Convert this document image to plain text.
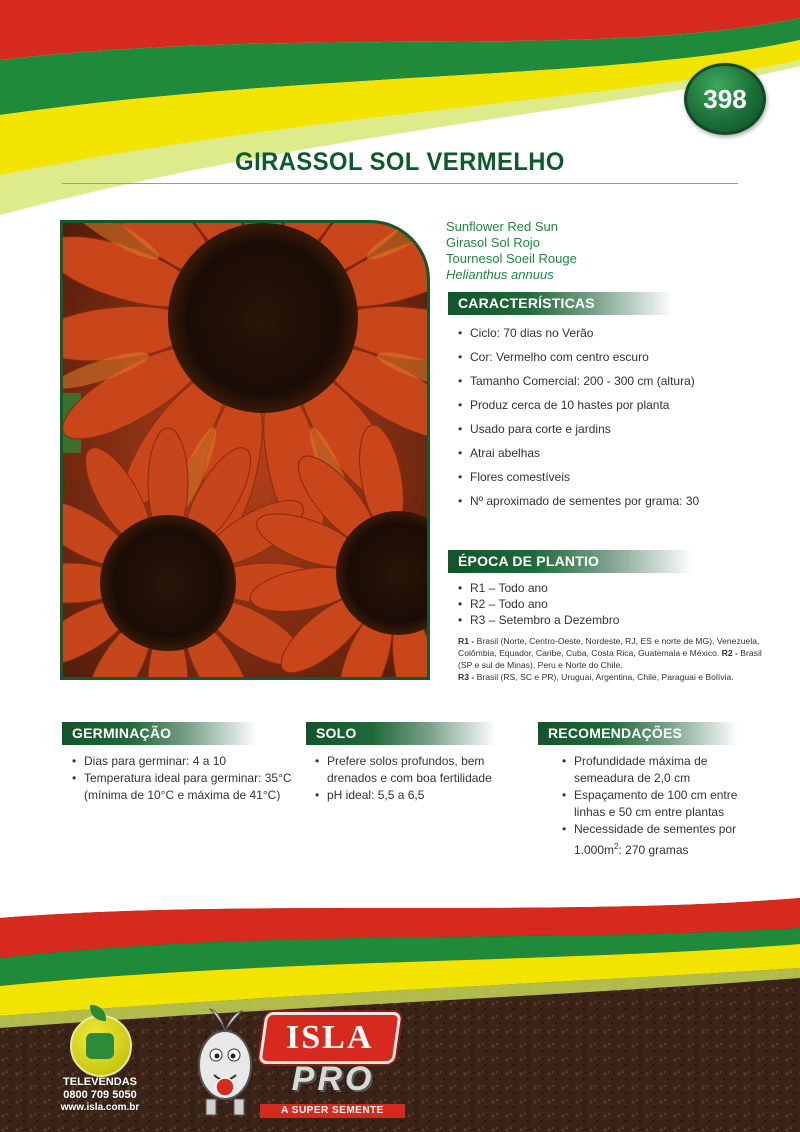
398
GIRASSOL SOL VERMELHO
Sunflower Red Sun
Girasol Sol Rojo
Tournesol Soeil Rouge
Helianthus annuus
CARACTERÍSTICAS
• Ciclo: 70 dias no Verão
• Cor: Vermelho com centro escuro
• Tamanho Comercial: 200 - 300 cm (altura)
• Produz cerca de 10 hastes por planta
• Usado para corte e jardins
• Atrai abelhas
• Flores comestíveis
• Nº aproximado de sementes por grama: 30
ÉPOCA DE PLANTIO
• R1 – Todo ano
• R2 – Todo ano
• R3 – Setembro a Dezembro
R1 - Brasil (Norte, Centro-Oeste, Nordeste, RJ, ES e norte de MG), Venezuela, Colômbia, Equador, Caribe, Cuba, Costa Rica, Guatemala e México. R2 - Brasil (SP e sul de Minas), Peru e Norte do Chile.
R3 - Brasil (RS, SC e PR), Uruguai, Argentina, Chile, Paraguai e Bolívia.
GERMINAÇÃO
• Dias para germinar: 4 a 10
• Temperatura ideal para germinar: 35°C (mínima de 10°C e máxima de 41°C)
SOLO
• Prefere solos profundos, bem drenados e com boa fertilidade
• pH ideal: 5,5 a 6,5
RECOMENDAÇÕES
• Profundidade máxima de semeadura de 2,0 cm
• Espaçamento de 100 cm entre linhas e 50 cm entre plantas
• Necessidade de sementes por $1.000m^2$: 270 gramas
TELEVENDAS
0800 709 5050
www.isla.com.br
ISLA
PRO
A SUPER SEMENTE
